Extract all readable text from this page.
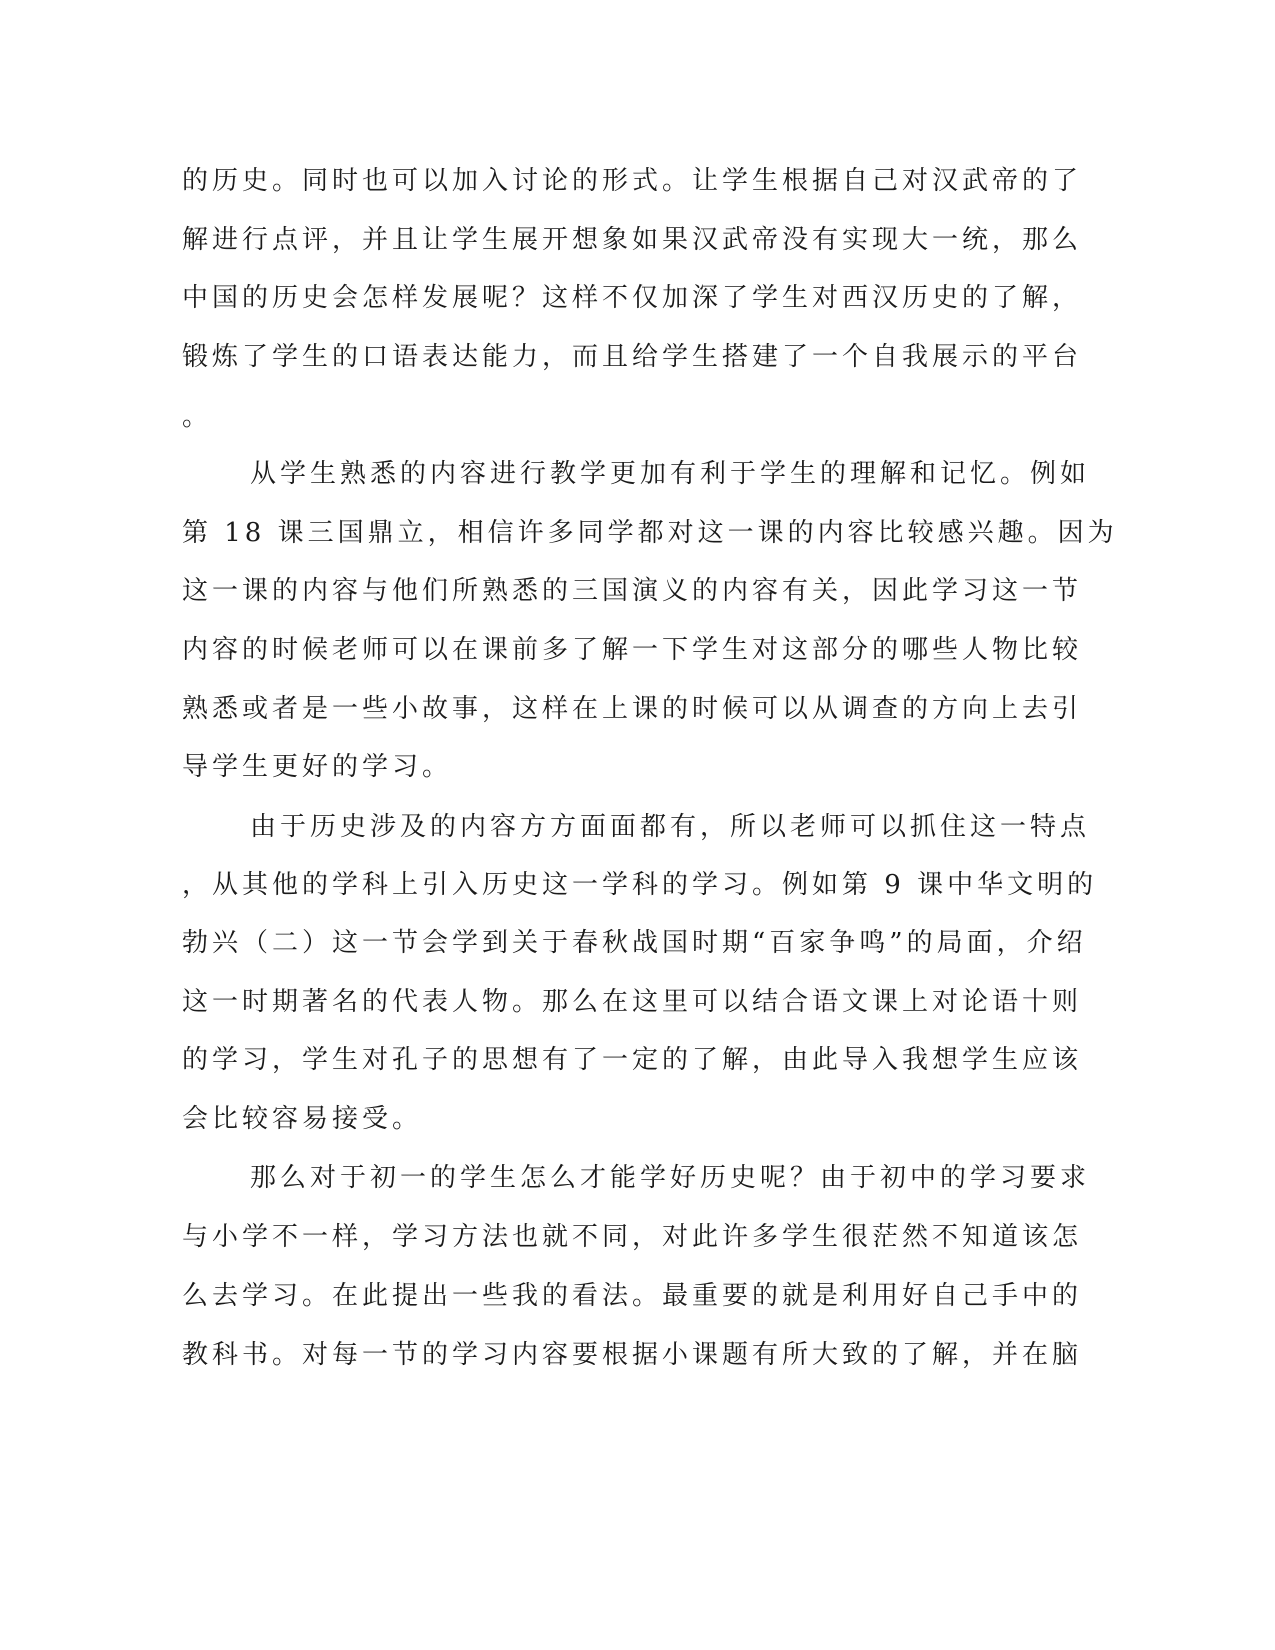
的历史。同时也可以加入讨论的形式。让学生根据自己对汉武帝的了
解进行点评，并且让学生展开想象如果汉武帝没有实现大一统，那么
中国的历史会怎样发展呢？这样不仅加深了学生对西汉历史的了解，
锻炼了学生的口语表达能力，而且给学生搭建了一个自我展示的平台
。
从学生熟悉的内容进行教学更加有利于学生的理解和记忆。例如
第 18 课三国鼎立，相信许多同学都对这一课的内容比较感兴趣。因为
这一课的内容与他们所熟悉的三国演义的内容有关，因此学习这一节
内容的时候老师可以在课前多了解一下学生对这部分的哪些人物比较
熟悉或者是一些小故事，这样在上课的时候可以从调查的方向上去引
导学生更好的学习。
由于历史涉及的内容方方面面都有，所以老师可以抓住这一特点
，从其他的学科上引入历史这一学科的学习。例如第 9 课中华文明的
勃兴（二）这一节会学到关于春秋战国时期“百家争鸣”的局面，介绍
这一时期著名的代表人物。那么在这里可以结合语文课上对论语十则
的学习，学生对孔子的思想有了一定的了解，由此导入我想学生应该
会比较容易接受。
那么对于初一的学生怎么才能学好历史呢？由于初中的学习要求
与小学不一样，学习方法也就不同，对此许多学生很茫然不知道该怎
么去学习。在此提出一些我的看法。最重要的就是利用好自己手中的
教科书。对每一节的学习内容要根据小课题有所大致的了解，并在脑
